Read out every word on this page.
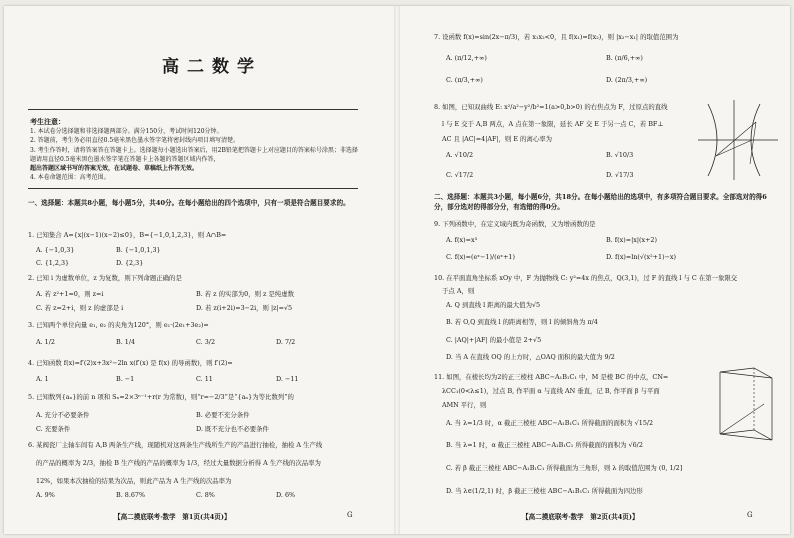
高二数学
考生注意：
1. 本试卷分选择题和非选择题两部分。满分150分，考试时间120分钟。
2. 答题前，考生务必用直径0.5毫米黑色墨水签字笔将密封线内项目填写清楚。
3. 考生作答时，请将答案答在答题卡上。选择题每小题选出答案后，用2B铅笔把答题卡上对应题目的答案标号涂黑；非选择题请用直径0.5毫米黑色墨水签字笔在答题卡上各题的答题区域内作答，
超出答题区域书写的答案无效，在试题卷、草稿纸上作答无效。
4. 本卷命题范围：高考范围。
一、选择题：本题共8小题，每小题5分，共40分。在每小题给出的四个选项中，只有一项是符合题目要求的。
1. 已知集合 A={x|(x−1)(x−2)≤0}，B={−1,0,1,2,3}，则 A∩B=
A. {−1,0,3}	B. {−1,0,1,3}
C. {1,2,3}	D. {2,3}
2. 已知 i 为虚数单位，z 为复数，则下列命题正确的是
A. 若 z²+1=0，则 z=i	B. 若 z 的实部为0，则 z 是纯虚数
C. 若 z=2+i，则 z 的虚部是 i	D. 若 z(i+2i)=3−2i，则 |z|=√5
3. 已知两个单位向量 e₁, e₂ 的夹角为120°，则 e₁·(2e₁+3e₂)=
A. 1/2	B. 1/4	C. 3/2	D. 7/2
4. 已知函数 f(x)=f′(2)x+3x²−2ln x(f′(x) 是 f(x) 的导函数)，则 f′(2)=
A. 1	B. −1	C. 11	D. −11
5. 已知数列{aₙ}的前 n 项和 Sₙ=2×3ⁿ⁻¹+r(r 为常数)，则“r=−2/3”是“{aₙ}为等比数列”的
A. 充分不必要条件	B. 必要不充分条件
C. 充要条件	D. 既不充分也不必要条件
6. 某阀瓷厂主轴车间有 A,B 两条生产线，现随机对这两条生产线所生产的产品进行抽检，抽检 A 生产线
的产品的概率为 2/3，抽检 B 生产线的产品的概率为 1/3，经过大量数据分析得 A 生产线的次品率为
12%，如果本次抽检的结果为次品，则此产品为 A 生产线的次品率为
A. 9%	B. 8.67%	C. 8%	D. 6%
【高二摸底联考·数学　第1页(共4页)】	G
7. 设函数 f(x)=sin(2x−π/3)，若 x₁x₂<0，且 f(x₁)=f(x₂)，则 |x₂−x₁| 的取值范围为
A. (π/12,+∞)	B. (π/6,+∞)
C. (π/3,+∞)	D. (2π/3,+∞)
8. 如图，已知双曲线 E: x²/a²−y²/b²=1(a>0,b>0) 的右焦点为 F，过原点的直线
l 与 E 交于 A,B 两点，A 点在第一象限，延长 AF 交 E 于另一点 C，若 BF⊥
AC 且 |AC|=4|AF|，则 E 的离心率为
A. √10/2	B. √10/3
C. √17/2	D. √17/3
二、选择题：本题共3小题，每小题6分，共18分。在每小题给出的选项中，有多项符合题目要求。全部选对的得6分，部分选对的得部分分，有选错的得0分。
9. 下列函数中，在定义域内既为奇函数，又为增函数的是
A. f(x)=x³	B. f(x)=|x|(x+2)
C. f(x)=(eˣ−1)/(eˣ+1)	D. f(x)=ln(√(x²+1)−x)
10. 在平面直角坐标系 xOy 中，F 为抛物线 C: y²=4x 的焦点，Q(3,1)，过 F 的直线 l 与 C 在第一象限交
于点 A，则
A. Q 到直线 l 距离的最大值为√5
B. 若 O,Q 到直线 l 的距离相等，则 l 的倾斜角为 π/4
C. |AQ|+|AF| 的最小值是 2+√5
D. 当 A 在直线 OQ 的上方时，△OAQ 面积的最大值为 9/2
11. 如图，在棱长均为2的正三棱柱 ABC−A₁B₁C₁ 中，M 是棱 BC 的中点，CN=
λCC₁(0<λ≤1)，过点 B, 作平面 α 与直线 AN 垂直，记 B, 作平面 β 与平面
AMN 平行，则
A. 当 λ=1/3 时，α 截正三棱柱 ABC−A₁B₁C₁ 所得截面的面积为 √15/2
B. 当 λ=1 时，α 截正三棱柱 ABC−A₁B₁C₁ 所得截面的面积为 √6/2
C. 若 β 截正三棱柱 ABC−A₁B₁C₁ 所得截面为三角形，则 λ 的取值范围为 (0, 1/2]
D. 当 λ∈(1/2,1) 时，β 截正三棱柱 ABC−A₁B₁C₁ 所得截面为四边形
【高二摸底联考·数学　第2页(共4页)】	G
